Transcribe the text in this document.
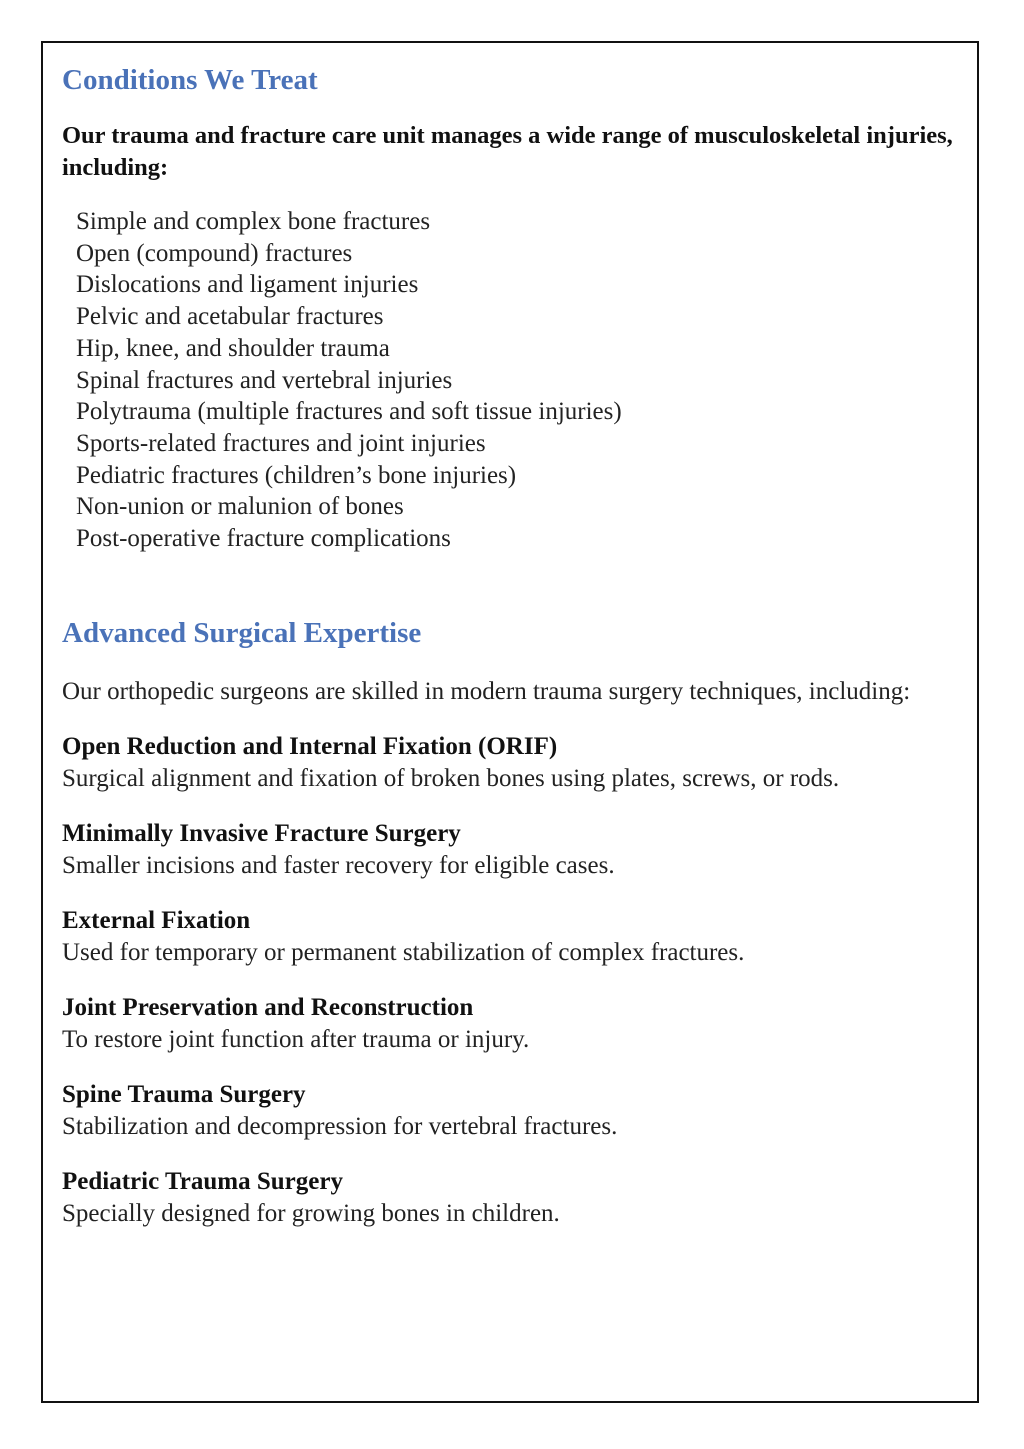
Conditions We Treat

Our trauma and fracture care unit manages a wide range of musculoskeletal injuries, including:

Simple and complex bone fractures
Open (compound) fractures
Dislocations and ligament injuries
Pelvic and acetabular fractures
Hip, knee, and shoulder trauma
Spinal fractures and vertebral injuries
Polytrauma (multiple fractures and soft tissue injuries)
Sports-related fractures and joint injuries
Pediatric fractures (children’s bone injuries)
Non-union or malunion of bones
Post-operative fracture complications
Advanced Surgical Expertise

Our orthopedic surgeons are skilled in modern trauma surgery techniques, including:

Open Reduction and Internal Fixation (ORIF)
Surgical alignment and fixation of broken bones using plates, screws, or rods.
Minimally Invasive Fracture Surgery
Smaller incisions and faster recovery for eligible cases.
External Fixation
Used for temporary or permanent stabilization of complex fractures.
Joint Preservation and Reconstruction
To restore joint function after trauma or injury.
Spine Trauma Surgery
Stabilization and decompression for vertebral fractures.
Pediatric Trauma Surgery
Specially designed for growing bones in children.
